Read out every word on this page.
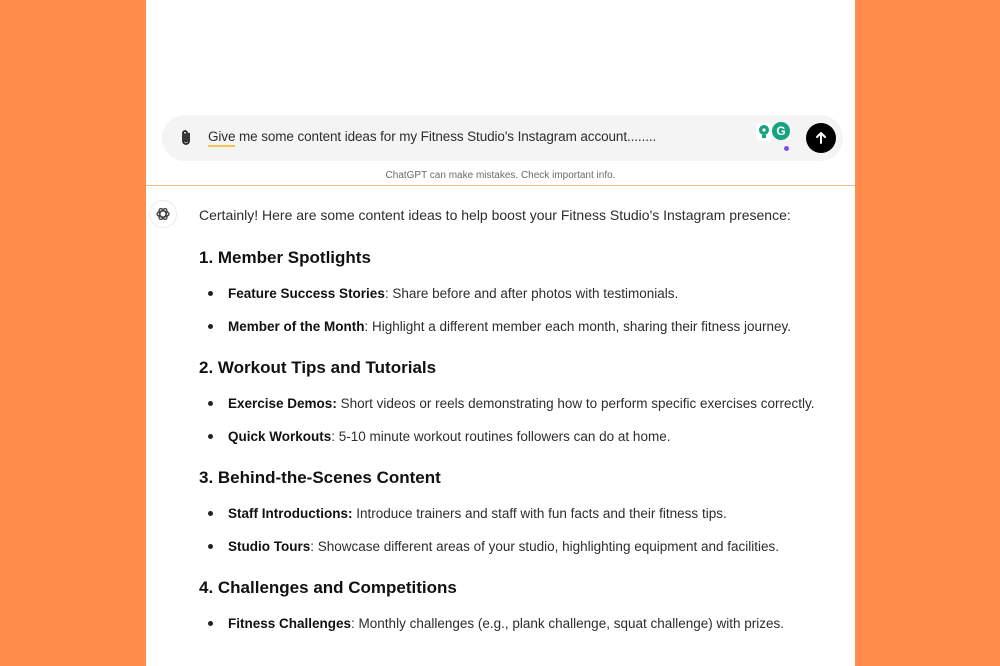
Give me some content ideas for my Fitness Studio's Instagram account........	G
ChatGPT can make mistakes. Check important info.

Certainly! Here are some content ideas to help boost your Fitness Studio's Instagram presence:

1. Member Spotlights
Feature Success Stories: Share before and after photos with testimonials.
Member of the Month: Highlight a different member each month, sharing their fitness journey.
2. Workout Tips and Tutorials
Exercise Demos: Short videos or reels demonstrating how to perform specific exercises correctly.
Quick Workouts: 5-10 minute workout routines followers can do at home.
3. Behind-the-Scenes Content
Staff Introductions: Introduce trainers and staff with fun facts and their fitness tips.
Studio Tours: Showcase different areas of your studio, highlighting equipment and facilities.
4. Challenges and Competitions
Fitness Challenges: Monthly challenges (e.g., plank challenge, squat challenge) with prizes.
